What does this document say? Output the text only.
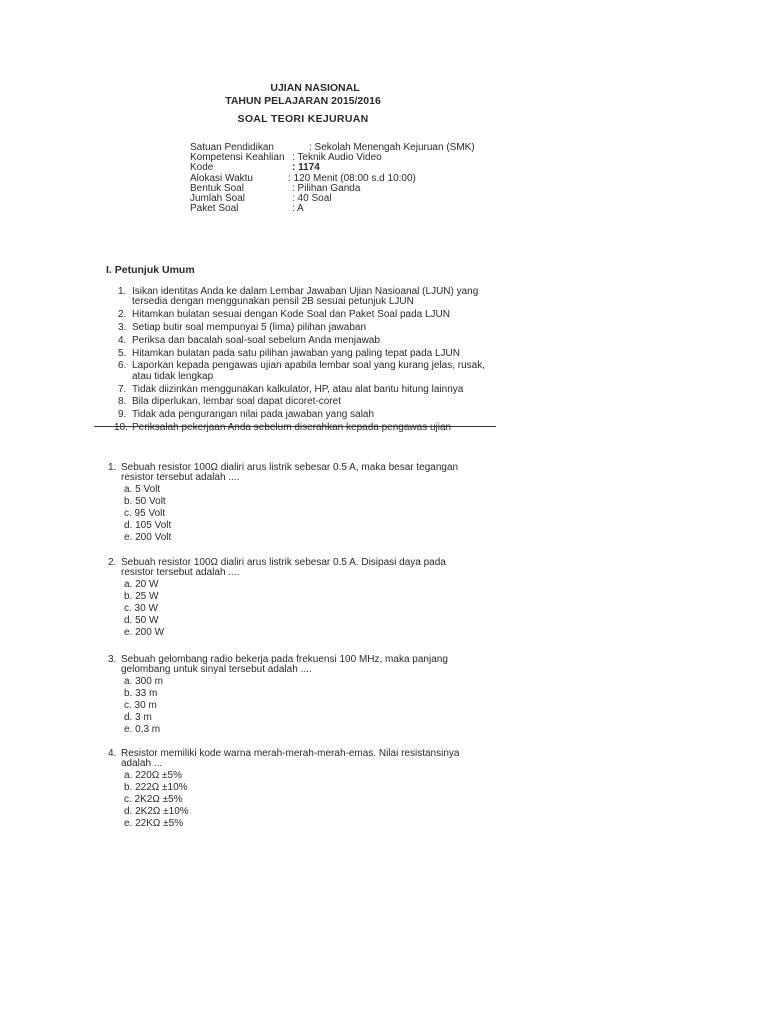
UJIAN NASIONAL
TAHUN PELAJARAN 2015/2016
SOAL TEORI KEJURUAN
Satuan Pendidikan	: Sekolah Menengah Kejuruan (SMK)
Kompetensi Keahlian : Teknik Audio Video
Kode	: 1174
Alokasi Waktu	: 120 Menit (08:00 s.d 10:00)
Bentuk Soal	: Pilihan Ganda
Jumlah Soal	: 40 Soal
Paket Soal	: A
I. Petunjuk Umum
1. Isikan identitas Anda ke dalam Lembar Jawaban Ujian Nasioanal (LJUN) yang tersedia dengan menggunakan pensil 2B sesuai petunjuk LJUN
2. Hitamkan bulatan sesuai dengan Kode Soal dan Paket Soal pada LJUN
3. Setiap butir soal mempunyai 5 (lima) pilihan jawaban
4. Periksa dan bacalah soal-soal sebelum Anda menjawab
5. Hitamkan bulatan pada satu pilihan jawaban yang paling tepat pada LJUN
6. Laporkan kepada pengawas ujian apabila lembar soal yang kurang jelas, rusak, atau tidak lengkap
7. Tidak diizinkan menggunakan kalkulator, HP, atau alat bantu hitung lainnya
8. Bila diperlukan, lembar soal dapat dicoret-coret
9. Tidak ada pengurangan nilai pada jawaban yang salah
10. Periksalah pekerjaan Anda sebelum diserahkan kepada pengawas ujian
1. Sebuah resistor 100Ω dialiri arus listrik sebesar 0.5 A, maka besar tegangan resistor tersebut adalah ....
a. 5 Volt
b. 50 Volt
c. 95 Volt
d. 105 Volt
e. 200 Volt
2. Sebuah resistor 100Ω dialiri arus listrik sebesar 0.5 A. Disipasi daya pada resistor tersebut adalah ....
a. 20 W
b. 25 W
c. 30 W
d. 50 W
e. 200 W
3. Sebuah gelombang radio bekerja pada frekuensi 100 MHz, maka panjang gelombang untuk sinyal tersebut adalah ....
a. 300 m
b. 33 m
c. 30 m
d. 3 m
e. 0,3 m
4. Resistor memiliki kode warna merah-merah-merah-emas. Nilai resistansinya adalah ...
a. 220Ω ±5%
b. 222Ω ±10%
c. 2K2Ω ±5%
d. 2K2Ω ±10%
e. 22KΩ ±5%
